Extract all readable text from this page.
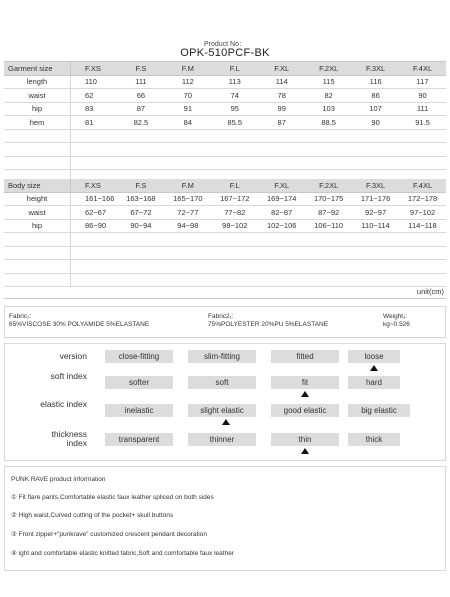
Product No：
OPK-510PCF-BK
Garment size	F.XS	F.S	F.M	F.L	F.XL	F.2XL	F.3XL	F.4XL
length	110	111	112	113	114	115	116	117
waist	62	66	70	74	78	82	86	90
hip	83	87	91	95	99	103	107	111
hem	81	82.5	84	85.5	87	88.5	90	91.5

Body size	F.XS	F.S	F.M	F.L	F.XL	F.2XL	F.3XL	F.4XL
height	161~166	163~168	165~170	167~172	169~174	170~175	171~176	172~178
waist	62~67	67~72	72~77	77~82	82~87	87~92	92~97	97~102
hip	86~90	90~94	94~98	98~102	102~106	106~110	110~114	114~118

unit(cm)
Fabric₁:
65%VISCOSE 30% POLYAMIDE 5%ELASTANE
Fabric2₁:
75%POLYESTER 20%PU 5%ELASTANE
Weight₁:
kg~0.526
version	close-fitting	slim-fitting	fitted	loose
soft index
softer	soft	fit	hard
elastic index
inelastic	slight elastic	good elastic	big elastic
thickness index	transparent	thinner	thin	thick
PUNK RAVE product information
① Fit flare pants,Comfortable elastic faux leather spliced on both sides
② High waist,Curved cutting of the pocket+ skull buttons
③ Front zipper+"punkrave" customized crescent pendant decoration
④ ight and comfortable elastic knitted fabric,Soft and comfortable faux leather
